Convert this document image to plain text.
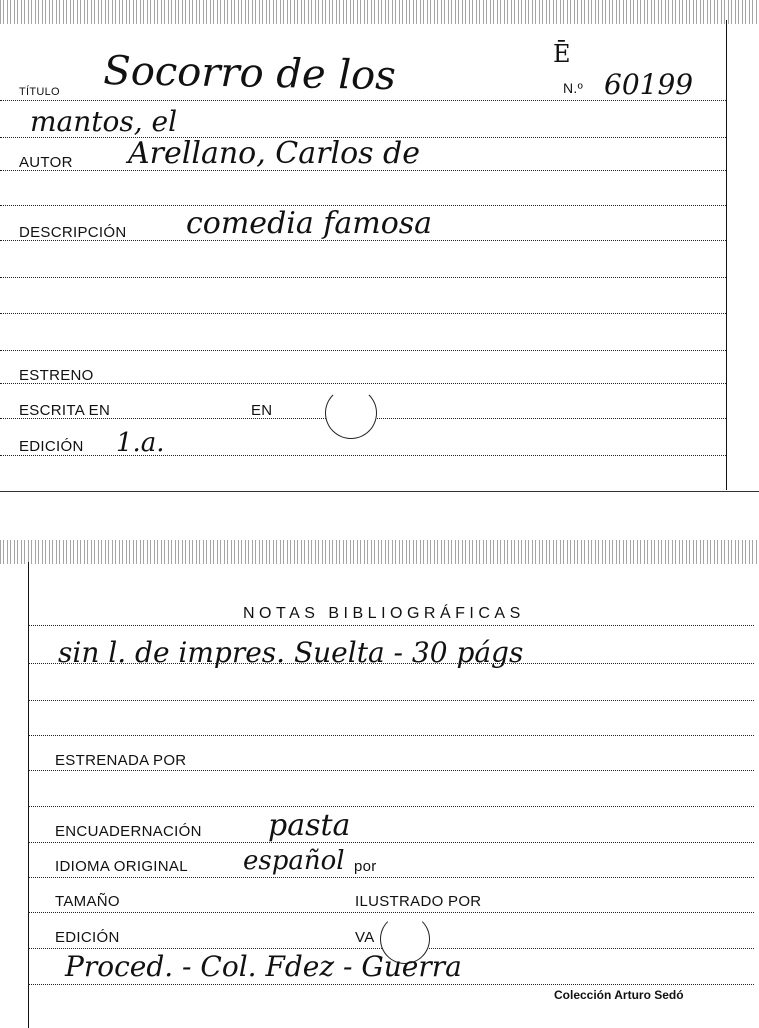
TÍTULO Socorro de los
mantos, el
Ē
N.º 60199
AUTOR Arellano, Carlos de
DESCRIPCIÓN comedia famosa
ESTRENO
ESCRITA EN	EN
EDICIÓN 1.a.
NOTAS BIBLIOGRÁFICAS
sin l. de impres. Suelta - 30 págs
ESTRENADA POR
ENCUADERNACIÓN pasta
IDIOMA ORIGINAL español por
TAMAÑO	ILUSTRADO POR
EDICIÓN	VA
Proced. - Col. Fdez - Guerra
Colección Arturo Sedó
